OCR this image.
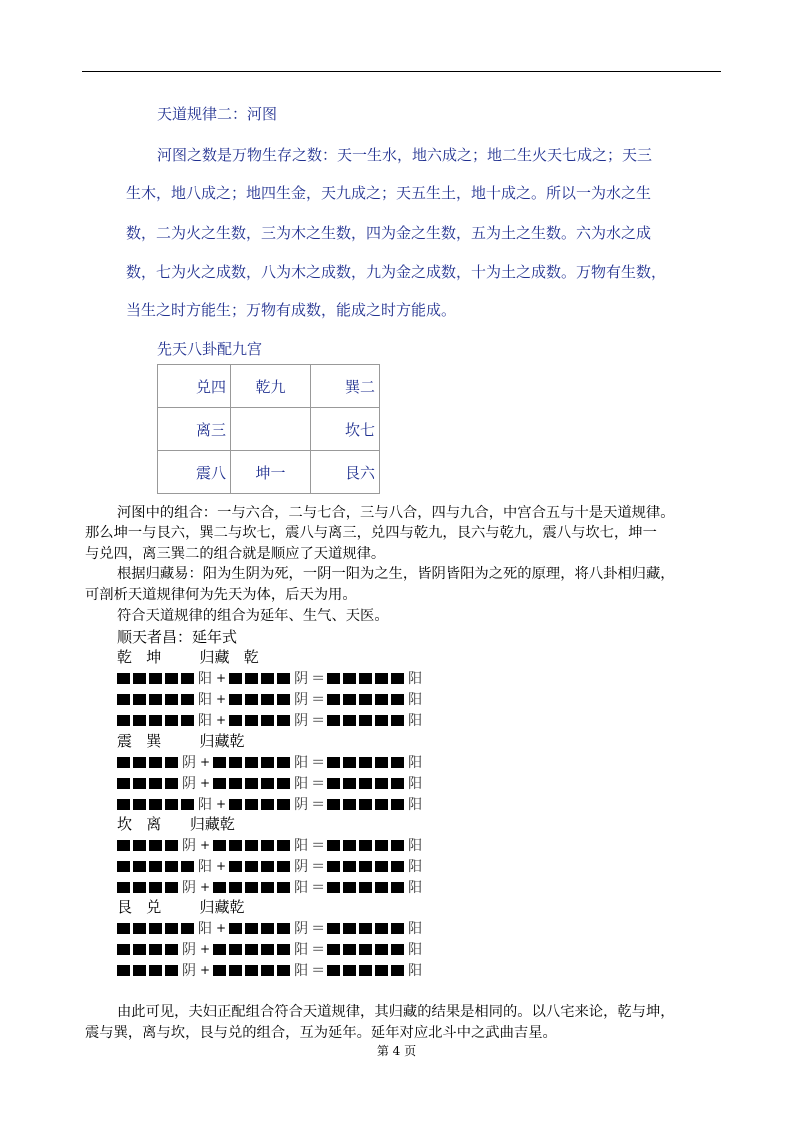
天道规律二：河图
河图之数是万物生存之数：天一生水，地六成之；地二生火天七成之；天三
生木，地八成之；地四生金，天九成之；天五生土，地十成之。所以一为水之生
数，二为火之生数，三为木之生数，四为金之生数，五为土之生数。六为水之成
数，七为火之成数，八为木之成数，九为金之成数，十为土之成数。万物有生数，
当生之时方能生；万物有成数，能成之时方能成。
先天八卦配九宫
兑四	乾九	巽二
离三		坎七
震八	坤一	艮六
河图中的组合：一与六合，二与七合，三与八合，四与九合，中宫合五与十是天道规律。
那么坤一与艮六，巽二与坎七，震八与离三，兑四与乾九，艮六与乾九，震八与坎七，坤一
与兑四，离三巽二的组合就是顺应了天道规律。
根据归藏易：阳为生阴为死，一阴一阳为之生，皆阴皆阳为之死的原理，将八卦相归藏，
可剖析天道规律何为先天为体，后天为用。
符合天道规律的组合为延年、生气、天医。
顺天者昌：延年式
乾   坤        归藏   乾
阳 +	阴 ＝	阳
阳 +	阴 ＝	阳
阳 +	阴 ＝	阳
震   巽        归藏乾
阴 +	阳 ＝	阳
阴 +	阳 ＝	阳
阳 +	阴 ＝	阳
坎   离      归藏乾
阴 +	阳 ＝	阳
阳 +	阴 ＝	阳
阴 +	阳 ＝	阳
艮   兑        归藏乾
阳 +	阴 ＝	阳
阴 +	阳 ＝	阳
阴 +	阳 ＝	阳
由此可见，夫妇正配组合符合天道规律，其归藏的结果是相同的。以八宅来论，乾与坤，
震与巽，离与坎，艮与兑的组合，互为延年。延年对应北斗中之武曲吉星。
第 4 页
